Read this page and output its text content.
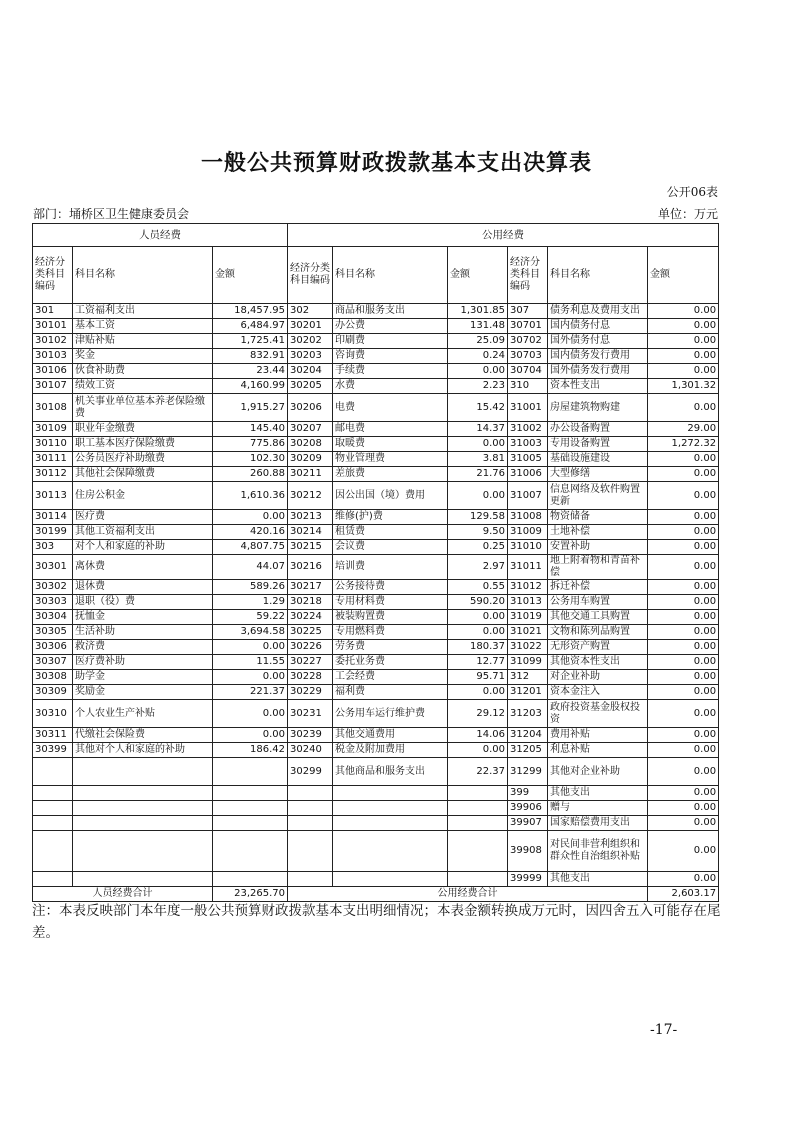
一般公共预算财政拨款基本支出决算表
公开06表
部门：埇桥区卫生健康委员会	单位：万元
人员经费			公用经费					
经济分类科目编码	科目名称	金额	经济分类科目编码	科目名称	金额	经济分类科目编码	科目名称	金额
301	工资福利支出	18,457.95	302	商品和服务支出	1,301.85	307	债务利息及费用支出	0.00
30101	基本工资	6,484.97	30201	办公费	131.48	30701	国内债务付息	0.00
30102	津贴补贴	1,725.41	30202	印刷费	25.09	30702	国外债务付息	0.00
30103	奖金	832.91	30203	咨询费	0.24	30703	国内债务发行费用	0.00
30106	伙食补助费	23.44	30204	手续费	0.00	30704	国外债务发行费用	0.00
30107	绩效工资	4,160.99	30205	水费	2.23	310	资本性支出	1,301.32
30108	机关事业单位基本养老保险缴费	1,915.27	30206	电费	15.42	31001	房屋建筑物购建	0.00
30109	职业年金缴费	145.40	30207	邮电费	14.37	31002	办公设备购置	29.00
30110	职工基本医疗保险缴费	775.86	30208	取暖费	0.00	31003	专用设备购置	1,272.32
30111	公务员医疗补助缴费	102.30	30209	物业管理费	3.81	31005	基础设施建设	0.00
30112	其他社会保障缴费	260.88	30211	差旅费	21.76	31006	大型修缮	0.00
30113	住房公积金	1,610.36	30212	因公出国（境）费用	0.00	31007	信息网络及软件购置更新	0.00
30114	医疗费	0.00	30213	维修(护)费	129.58	31008	物资储备	0.00
30199	其他工资福利支出	420.16	30214	租赁费	9.50	31009	土地补偿	0.00
303	对个人和家庭的补助	4,807.75	30215	会议费	0.25	31010	安置补助	0.00
30301	离休费	44.07	30216	培训费	2.97	31011	地上附着物和青苗补偿	0.00
30302	退休费	589.26	30217	公务接待费	0.55	31012	拆迁补偿	0.00
30303	退职（役）费	1.29	30218	专用材料费	590.20	31013	公务用车购置	0.00
30304	抚恤金	59.22	30224	被装购置费	0.00	31019	其他交通工具购置	0.00
30305	生活补助	3,694.58	30225	专用燃料费	0.00	31021	文物和陈列品购置	0.00
30306	救济费	0.00	30226	劳务费	180.37	31022	无形资产购置	0.00
30307	医疗费补助	11.55	30227	委托业务费	12.77	31099	其他资本性支出	0.00
30308	助学金	0.00	30228	工会经费	95.71	312	对企业补助	0.00
30309	奖励金	221.37	30229	福利费	0.00	31201	资本金注入	0.00
30310	个人农业生产补贴	0.00	30231	公务用车运行维护费	29.12	31203	政府投资基金股权投资	0.00
30311	代缴社会保险费	0.00	30239	其他交通费用	14.06	31204	费用补贴	0.00
30399	其他对个人和家庭的补助	186.42	30240	税金及附加费用	0.00	31205	利息补贴	0.00
			30299	其他商品和服务支出	22.37	31299	其他对企业补助	0.00
						399	其他支出	0.00
						39906	赠与	0.00
						39907	国家赔偿费用支出	0.00
						39908	对民间非营利组织和群众性自治组织补贴	0.00
						39999	其他支出	0.00
人员经费合计		23,265.70	公用经费合计					2,603.17
注：本表反映部门本年度一般公共预算财政拨款基本支出明细情况；本表金额转换成万元时，因四舍五入可能存在尾差。
-17-
